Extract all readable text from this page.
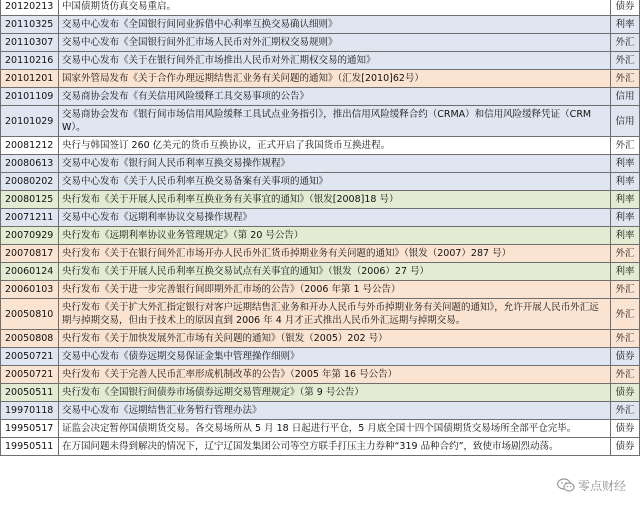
20120213	中国债期货仿真交易重启。	债券
20110325	交易中心发布《全国银行间同业拆借中心利率互换交易确认细则》	利率
20110307	交易中心发布《全国银行间外汇市场人民币对外汇期权交易规则》	外汇
20110216	交易中心发布《关于在银行间外汇市场推出人民币对外汇期权交易的通知》	外汇
20101201	国家外管局发布《关于合作办理远期结售汇业务有关问题的通知》（汇发[2010]62号）	外汇
20101109	交易商协会发布《有关信用风险缓释工具交易事项的公告》	信用
20101029	交易商协会发布《银行间市场信用风险缓释工具试点业务指引》，推出信用风险缓释合约（CRMA）和信用风险缓释凭证（CRMW）。	信用
20081212	央行与韩国签订 260 亿美元的货币互换协议，正式开启了我国货币互换进程。	外汇
20080613	交易中心发布《银行间人民币利率互换交易操作规程》	利率
20080202	交易中心发布《关于人民币利率互换交易备案有关事项的通知》	利率
20080125	央行发布《关于开展人民币利率互换业务有关事宜的通知》（银发[2008]18 号）	利率
20071211	交易中心发布《远期利率协议交易操作规程》	利率
20070929	央行发布《远期利率协议业务管理规定》（第 20 号公告）	利率
20070817	央行发布《关于在银行间外汇市场开办人民币外汇货币掉期业务有关问题的通知》（银发（2007）287 号）	外汇
20060124	央行发布《关于开展人民币利率互换交易试点有关事宜的通知》（银发（2006）27 号）	利率
20060103	央行发布《关于进一步完善银行间即期外汇市场的公告》（2006 年第 1 号公告）	外汇
20050810	央行发布《关于扩大外汇指定银行对客户远期结售汇业务和开办人民币与外币掉期业务有关问题的通知》，允许开展人民币外汇远期与掉期交易，但由于技术上的原因直到 2006 年 4 月才正式推出人民币外汇远期与掉期交易。	外汇
20050808	央行发布《关于加快发展外汇市场有关问题的通知》（银发（2005）202 号）	外汇
20050721	交易中心发布《债券远期交易保证金集中管理操作细则》	债券
20050721	央行发布《关于完善人民币汇率形成机制改革的公告》（2005 年第 16 号公告）	外汇
20050511	央行发布《全国银行间债券市场债券远期交易管理规定》（第 9 号公告）	债券
19970118	交易中心发布《远期结售汇业务暂行管理办法》	外汇
19950517	证监会决定暂停国债期货交易。各交易场所从 5 月 18 日起进行平仓，5 月底全国十四个国债期货交易场所全部平仓完毕。	债券
19950511	在万国问题未得到解决的情况下，辽宁辽国发集团公司等空方联手打压主力券种“319 品种合约”，致使市场剧烈动荡。	债券
零点财经
